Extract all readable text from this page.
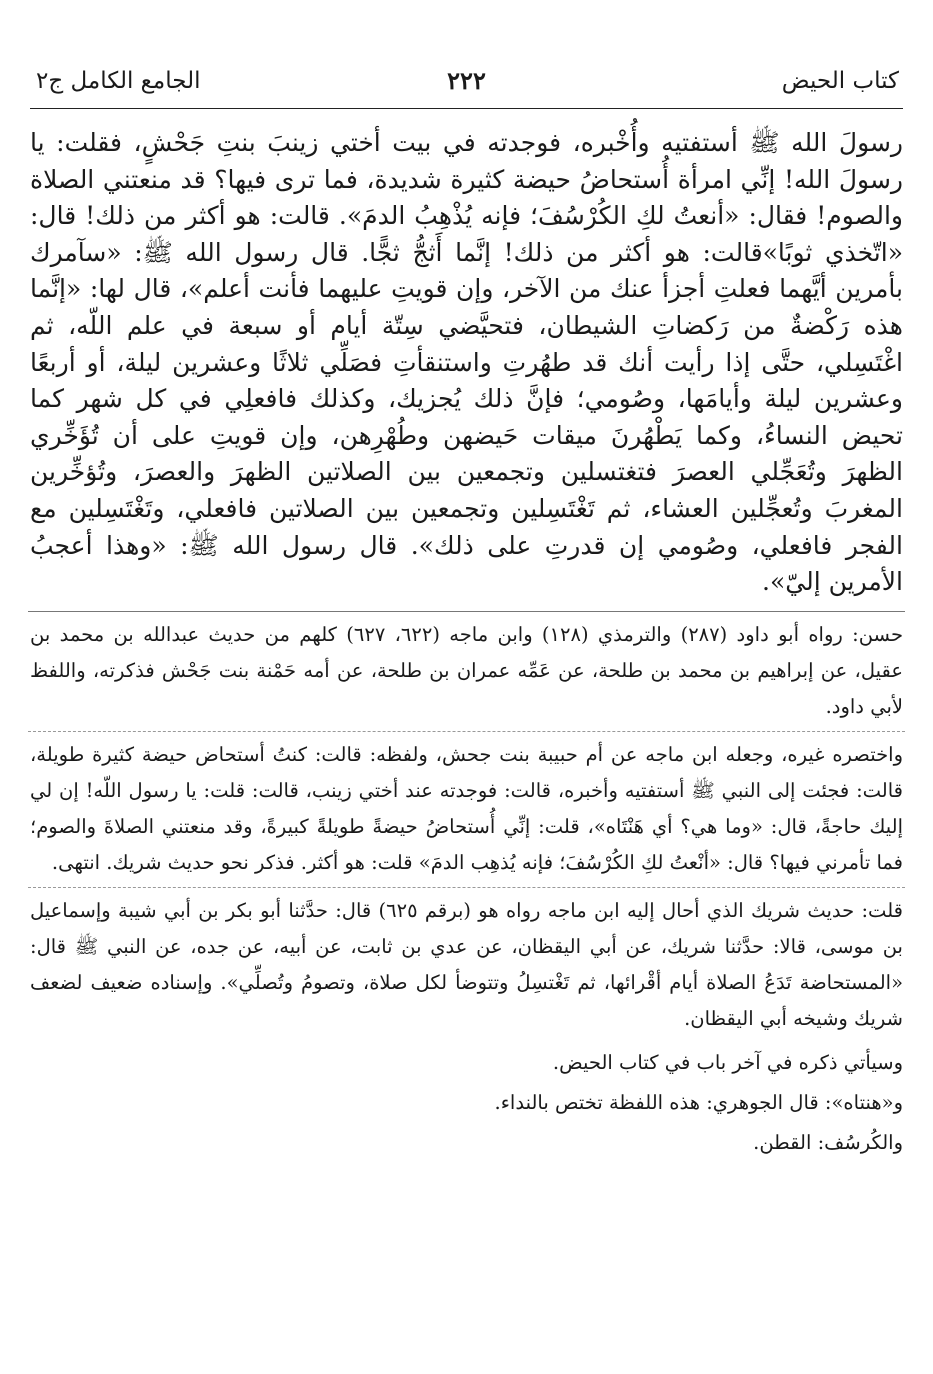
كتاب الحيض
٢٢٢
الجامع الكامل ج٢
رسولَ الله ﷺ أستفتيه وأُخْبره، فوجدته في بيت أختي زينبَ بنتِ جَحْشٍ، فقلت: يا رسولَ الله! إنِّي امرأة أُستحاضُ حيضة كثيرة شديدة، فما ترى فيها؟ قد منعتني الصلاة والصوم! فقال: «أنعتُ لكِ الكُرْسُفَ؛ فإنه يُذْهِبُ الدمَ». قالت: هو أكثر من ذلك! قال: «اتّخذي ثوبًا»قالت: هو أكثر من ذلك! إنَّما أَثجُّ ثجًّا. قال رسول الله ﷺ: «سآمرك بأمرين أيَّهما فعلتِ أجزأ عنك من الآخر، وإن قويتِ عليهما فأنت أعلم»، قال لها: «إنَّما هذه رَكْضةٌ من رَكضاتِ الشيطان، فتحيَّضي سِتّة أيام أو سبعة في علم اللّه، ثم اغْتَسِلي، حتَّى إذا رأيت أنك قد طهُرتِ واستنقأتِ فصَلِّي ثلاثًا وعشرين ليلة، أو أربعًا وعشرين ليلة وأيامَها، وصُومي؛ فإنَّ ذلك يُجزيك، وكذلك فافعلِي في كل شهر كما تحيض النساءُ، وكما يَطْهُرنَ ميقات حَيضهن وطُهْرِهن، وإن قويتِ على أن تُؤَخِّري الظهرَ وتُعَجِّلي العصرَ فتغتسلين وتجمعين بين الصلاتين الظهرَ والعصرَ، وتُؤخِّرين المغربَ وتُعجِّلين العشاء، ثم تَغْتَسِلين وتجمعين بين الصلاتين فافعلي، وتَغْتَسِلين مع الفجر فافعلي، وصُومي إن قدرتِ على ذلك». قال رسول الله ﷺ: «وهذا أعجبُ الأمرين إليّ».
حسن: رواه أبو داود (٢٨٧) والترمذي (١٢٨) وابن ماجه (٦٢٢، ٦٢٧) كلهم من حديث عبدالله بن محمد بن عقيل، عن إبراهيم بن محمد بن طلحة، عن عَمِّه عمران بن طلحة، عن أمه حَمْنة بنت جَحْش فذكرته، واللفظ لأبي داود.
واختصره غيره، وجعله ابن ماجه عن أم حبيبة بنت جحش، ولفظه: قالت: كنتُ أستحاض حيضة كثيرة طويلة، قالت: فجئت إلى النبي ﷺ أستفتيه وأخبره، قالت: فوجدته عند أختي زينب، قالت: قلت: يا رسول اللّه! إن لي إليك حاجةً، قال: «وما هي؟ أي هَنْتَاه»، قلت: إنِّي أُستحاضُ حيضةً طويلةً كبيرةً، وقد منعتني الصلاةَ والصوم؛ فما تأمرني فيها؟ قال: «أنْعتُ لكِ الكُرْسُفَ؛ فإنه يُذهِب الدمَ» قلت: هو أكثر. فذكر نحو حديث شريك. انتهى.
قلت: حديث شريك الذي أحال إليه ابن ماجه رواه هو (برقم ٦٢٥) قال: حدَّثنا أبو بكر بن أبي شيبة وإسماعيل بن موسى، قالا: حدَّثنا شريك، عن أبي اليقظان، عن عدي بن ثابت، عن أبيه، عن جده، عن النبي ﷺ قال: «المستحاضة تَدَعُ الصلاة أيام أقْرائها، ثم تَغْتسِلُ وتتوضأ لكل صلاة، وتصومُ وتُصلِّي». وإسناده ضعيف لضعف شريك وشيخه أبي اليقظان.
وسيأتي ذكره في آخر باب في كتاب الحيض.
و«هنتاه»: قال الجوهري: هذه اللفظة تختص بالنداء.
والكُرسُف: القطن.
